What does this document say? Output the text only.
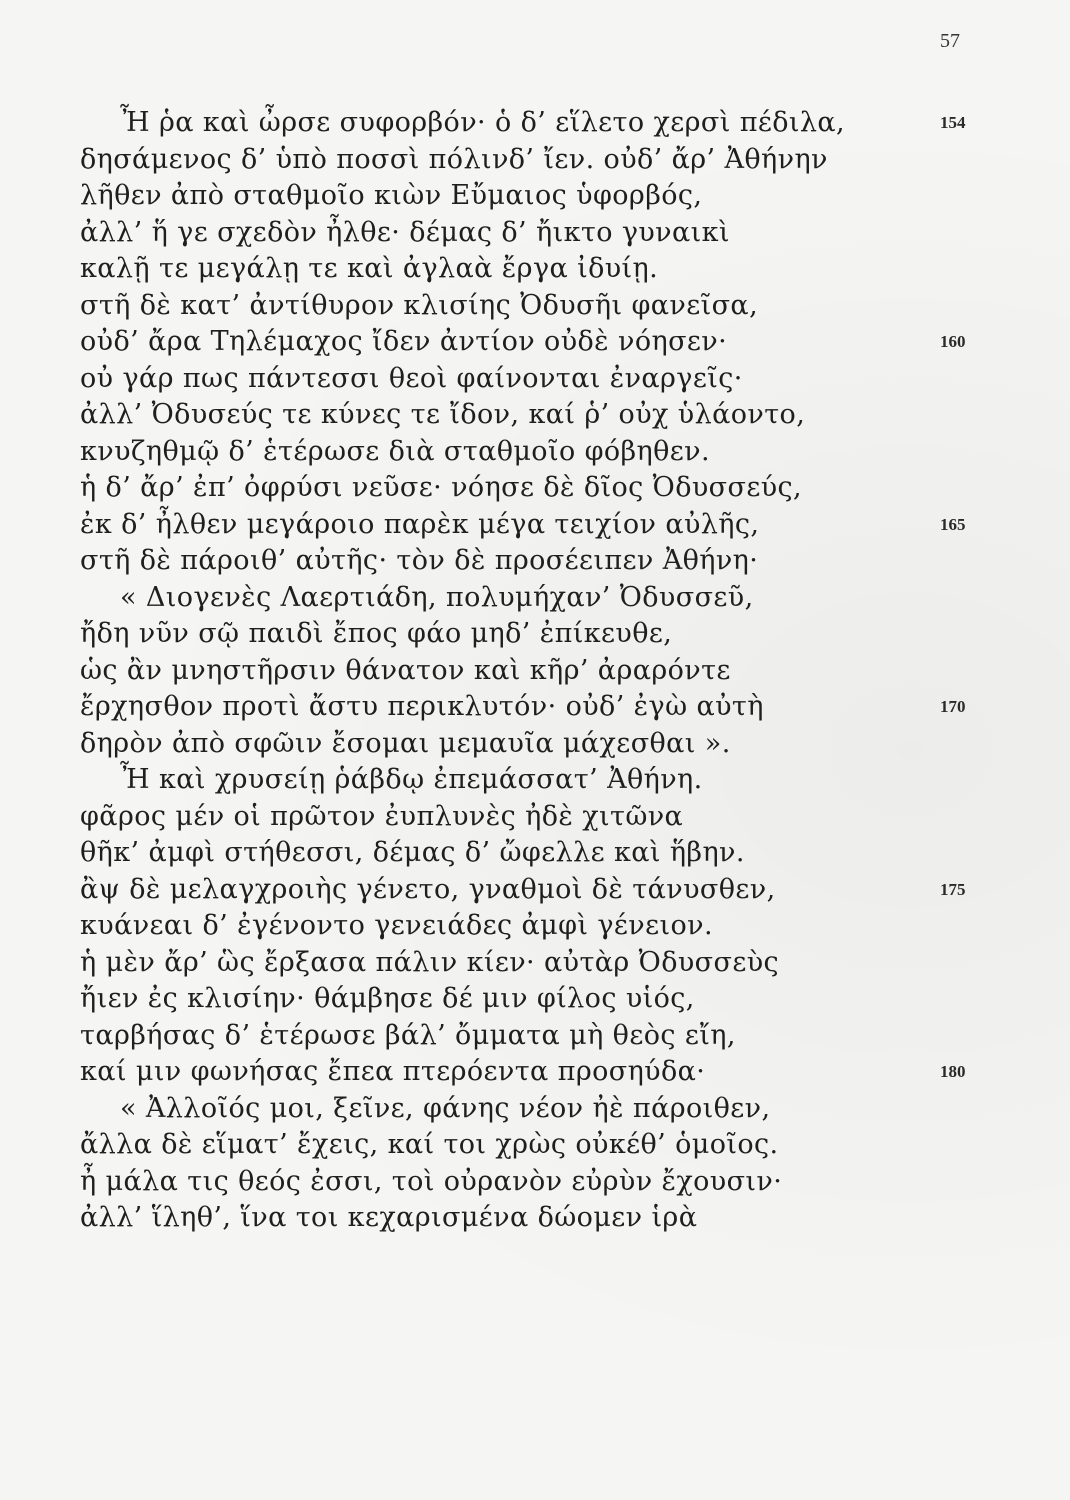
57
Ἦ ῥα καὶ ὦρσε συφορβόν· ὁ δ’ εἵλετο χερσὶ πέδιλα,	154
δησάμενος δ’ ὑπὸ ποσσὶ πόλινδ’ ἴεν. οὐδ’ ἄρ’ Ἀθήνην
λῆθεν ἀπὸ σταθμοῖο κιὼν Εὔμαιος ὑφορβός,
ἀλλ’ ἥ γε σχεδὸν ἦλθε· δέμας δ’ ἤικτο γυναικὶ
καλῇ τε μεγάλῃ τε καὶ ἀγλαὰ ἔργα ἰδυίῃ.
στῆ δὲ κατ’ ἀντίθυρον κλισίης Ὀδυσῆι φανεῖσα,
οὐδ’ ἄρα Τηλέμαχος ἴδεν ἀντίον οὐδὲ νόησεν·	160
οὐ γάρ πως πάντεσσι θεοὶ φαίνονται ἐναργεῖς·
ἀλλ’ Ὀδυσεύς τε κύνες τε ἴδον, καί ῥ’ οὐχ ὑλάοντο,
κνυζηθμῷ δ’ ἑτέρωσε διὰ σταθμοῖο φόβηθεν.
ἡ δ’ ἄρ’ ἐπ’ ὀφρύσι νεῦσε· νόησε δὲ δῖος Ὀδυσσεύς,
ἐκ δ’ ἦλθεν μεγάροιο παρὲκ μέγα τειχίον αὐλῆς,	165
στῆ δὲ πάροιθ’ αὐτῆς· τὸν δὲ προσέειπεν Ἀθήνη·
« Διογενὲς Λαερτιάδη, πολυμήχαν’ Ὀδυσσεῦ,
ἤδη νῦν σῷ παιδὶ ἔπος φάο μηδ’ ἐπίκευθε,
ὡς ἂν μνηστῆρσιν θάνατον καὶ κῆρ’ ἀραρόντε
ἔρχησθον προτὶ ἄστυ περικλυτόν· οὐδ’ ἐγὼ αὐτὴ	170
δηρὸν ἀπὸ σφῶιν ἔσομαι μεμαυῖα μάχεσθαι ».
Ἦ καὶ χρυσείῃ ῥάβδῳ ἐπεμάσσατ’ Ἀθήνη.
φᾶρος μέν οἱ πρῶτον ἐυπλυνὲς ἠδὲ χιτῶνα
θῆκ’ ἀμφὶ στήθεσσι, δέμας δ’ ὤφελλε καὶ ἥβην.
ἂψ δὲ μελαγχροιὴς γένετο, γναθμοὶ δὲ τάνυσθεν,	175
κυάνεαι δ’ ἐγένοντο γενειάδες ἀμφὶ γένειον.
ἡ μὲν ἄρ’ ὣς ἔρξασα πάλιν κίεν· αὐτὰρ Ὀδυσσεὺς
ἤιεν ἐς κλισίην· θάμβησε δέ μιν φίλος υἱός,
ταρβήσας δ’ ἑτέρωσε βάλ’ ὄμματα μὴ θεὸς εἴη,
καί μιν φωνήσας ἔπεα πτερόεντα προσηύδα·	180
« Ἀλλοῖός μοι, ξεῖνε, φάνης νέον ἠὲ πάροιθεν,
ἄλλα δὲ εἵματ’ ἔχεις, καί τοι χρὼς οὐκέθ’ ὁμοῖος.
ἦ μάλα τις θεός ἐσσι, τοὶ οὐρανὸν εὐρὺν ἔχουσιν·
ἀλλ’ ἵληθ’, ἵνα τοι κεχαρισμένα δώομεν ἱρὰ
